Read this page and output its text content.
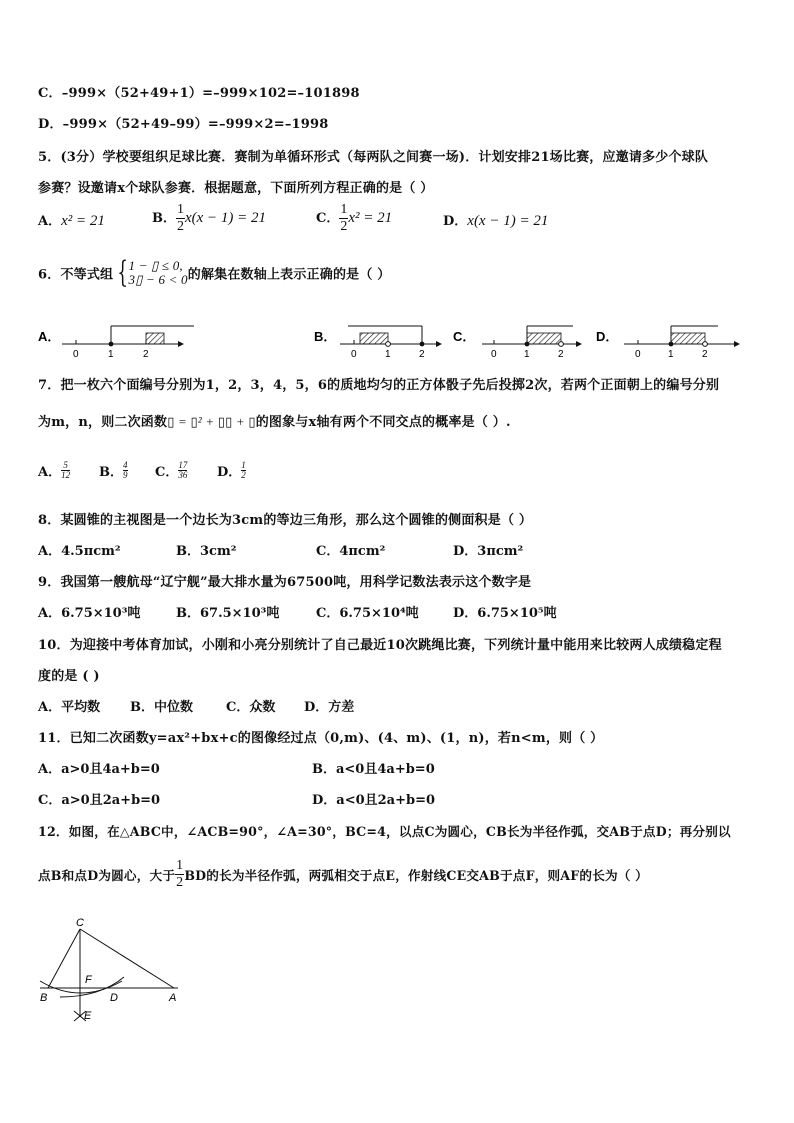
C．–999×（52+49+1）=–999×102=–101898
D．–999×（52+49–99）=–999×2=–1998
5．(3分）学校要组织足球比赛．赛制为单循环形式（每两队之间赛一场)．计划安排21场比赛，应邀请多少个球队
参赛？设邀请x个球队参赛．根据题意，下面所列方程正确的是（ ）
A．x² = 21	B． $\frac{1}{2} x(x - 1) = 21$	C． $\frac{1}{2} x^2 = 21$	D．x(x − 1) = 21
6．不等式组 {1 − ▯ ≤ 0,
3▯ − 6 < 0的解集在数轴上表示正确的是（ ）
A．
0	1	2
B．
0	1	2
C．
0	1	2
D．
0	1	2
7．把一枚六个面编号分别为1，2，3，4，5，6的质地均匀的正方体骰子先后投掷2次，若两个正面朝上的编号分别
为m，n，则二次函数▯ = ▯² + ▯▯ + ▯的图象与x轴有两个不同交点的概率是（ ）.
A． $\frac{5}{12}$ B． $\frac{4}{9}$ C． $\frac{17}{36}$ D． $\frac{1}{2}$
8．某圆锥的主视图是一个边长为3cm的等边三角形，那么这个圆锥的侧面积是（ ）
A．4.5πcm²	B．3cm²	C．4πcm²	D．3πcm²
9．我国第一艘航母“辽宁舰”最大排水量为67500吨，用科学记数法表示这个数字是
A．6.75×10³吨	B．67.5×10³吨	C．6.75×10⁴吨	D．6.75×10⁵吨
10．为迎接中考体育加试，小刚和小亮分别统计了自己最近10次跳绳比赛，下列统计量中能用来比较两人成绩稳定程
度的是 ( )
A．平均数 B．中位数	C．众数 D．方差
11．已知二次函数y=ax²+bx+c的图像经过点（0,m)、(4、m)、(1，n)，若n<m，则（ ）
A．a>0且4a+b=0	B．a<0且4a+b=0
C．a>0且2a+b=0	D．a<0且2a+b=0
12．如图，在△ABC中，∠ACB=90°，∠A=30°，BC=4，以点C为圆心，CB长为半径作弧，交AB于点D；再分别以
点B和点D为圆心，大于 $\frac{1}{2}$ BD的长为半径作弧，两弧相交于点E，作射线CE交AB于点F，则AF的长为（ ）
C
F
B	D	A
E
